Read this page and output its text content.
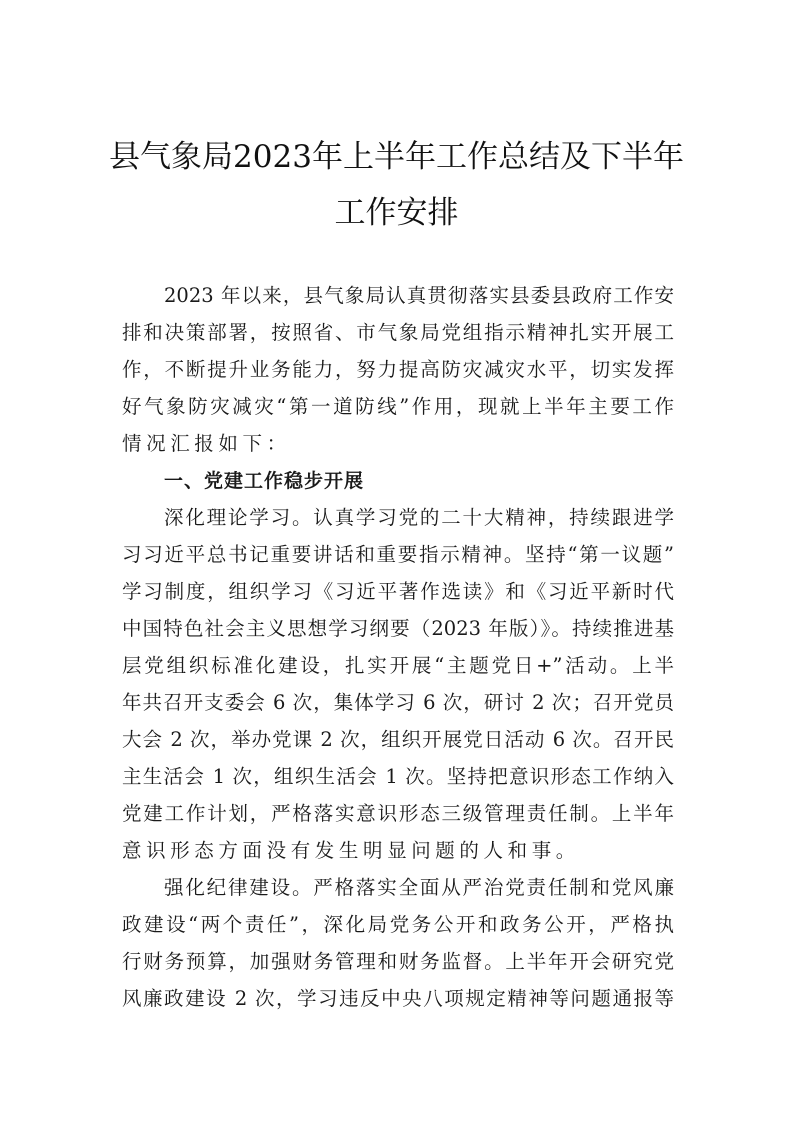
县气象局2023年上半年工作总结及下半年
工作安排
2023 年以来，县气象局认真贯彻落实县委县政府工作安
排和决策部署，按照省、市气象局党组指示精神扎实开展工
作，不断提升业务能力，努力提高防灾减灾水平，切实发挥
好气象防灾减灾“第一道防线”作用，现就上半年主要工作
情况汇报如下：
一、党建工作稳步开展
深化理论学习。认真学习党的二十大精神，持续跟进学
习习近平总书记重要讲话和重要指示精神。坚持“第一议题”
学习制度，组织学习《习近平著作选读》和《习近平新时代
中国特色社会主义思想学习纲要（2023 年版）》。持续推进基
层党组织标准化建设，扎实开展“主题党日+”活动。上半
年共召开支委会 6 次，集体学习 6 次，研讨 2 次；召开党员
大会 2 次，举办党课 2 次，组织开展党日活动 6 次。召开民
主生活会 1 次，组织生活会 1 次。坚持把意识形态工作纳入
党建工作计划，严格落实意识形态三级管理责任制。上半年
意识形态方面没有发生明显问题的人和事。
强化纪律建设。严格落实全面从严治党责任制和党风廉
政建设“两个责任”，深化局党务公开和政务公开，严格执
行财务预算，加强财务管理和财务监督。上半年开会研究党
风廉政建设 2 次，学习违反中央八项规定精神等问题通报等
